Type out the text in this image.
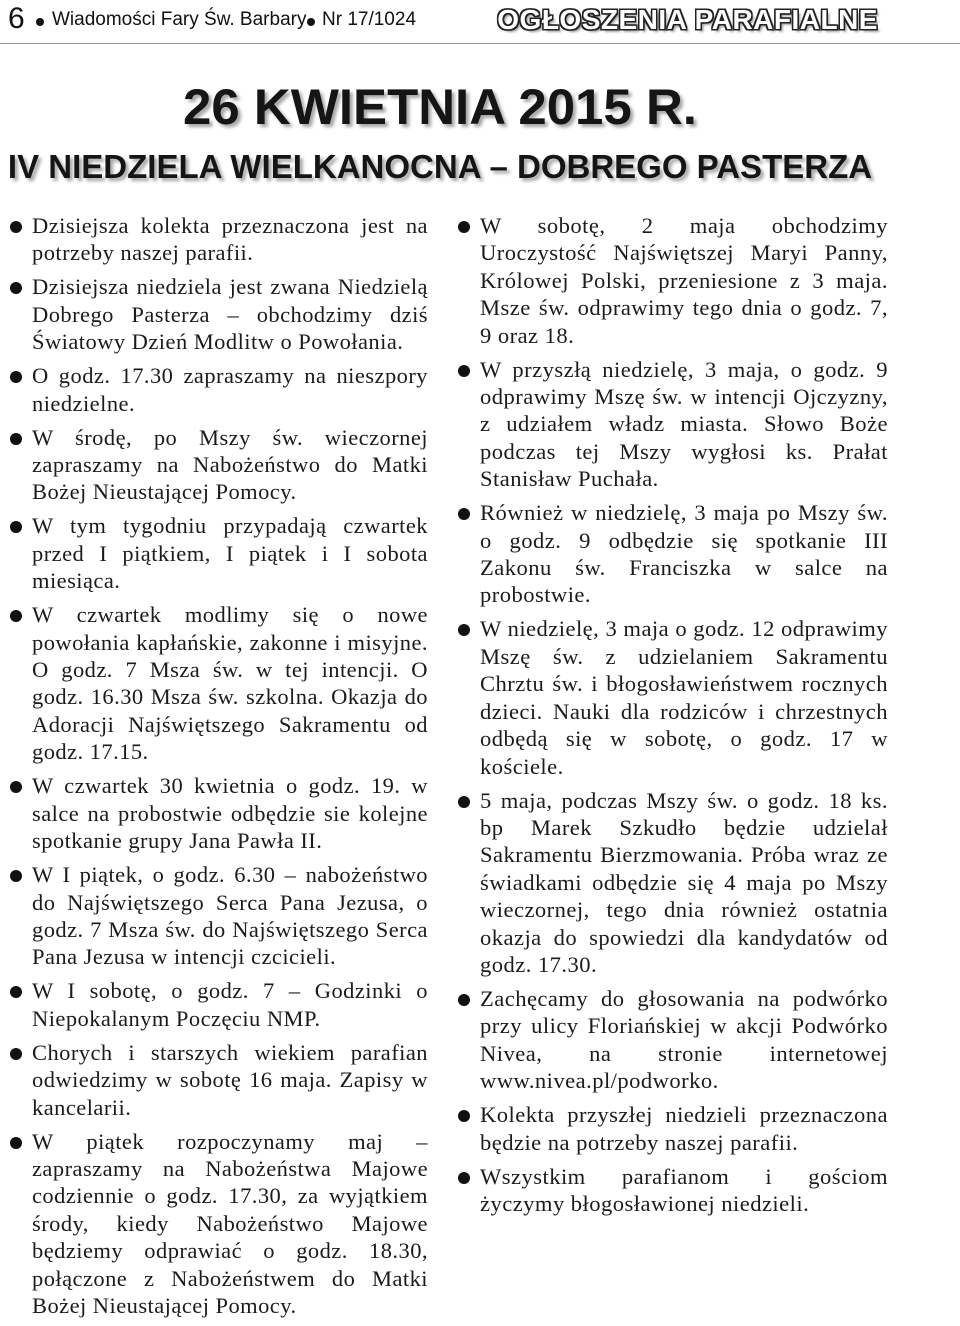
6 Wiadomości Fary Św. Barbary Nr 17/1024	OGŁOSZENIA PARAFIALNE
26 KWIETNIA 2015 R.
IV NIEDZIELA WIELKANOCNA – DOBREGO PASTERZA
Dzisiejsza kolekta przeznaczona jest na potrzeby naszej parafii.
Dzisiejsza niedziela jest zwana Niedzielą Dobrego Pasterza – obchodzimy dziś Światowy Dzień Modlitw o Powołania.
O godz. 17.30 zapraszamy na nieszpory niedzielne.
W środę, po Mszy św. wieczornej zapraszamy na Nabożeństwo do Matki Bożej Nieustającej Pomocy.
W tym tygodniu przypadają czwartek przed I piątkiem, I piątek i I sobota miesiąca.
W czwartek modlimy się o nowe powołania kapłańskie, zakonne i misyjne. O godz. 7 Msza św. w tej intencji. O godz. 16.30 Msza św. szkolna. Okazja do Adoracji Najświętszego Sakramentu od godz. 17.15.
W czwartek 30 kwietnia o godz. 19. w salce na probostwie odbędzie sie kolejne spotkanie grupy Jana Pawła II.
W I piątek, o godz. 6.30 – nabożeństwo do Najświętszego Serca Pana Jezusa, o godz. 7 Msza św. do Najświętszego Serca Pana Jezusa w intencji czcicieli.
W I sobotę, o godz. 7 – Godzinki o Niepokalanym Poczęciu NMP.
Chorych i starszych wiekiem parafian odwiedzimy w sobotę 16 maja. Zapisy w kancelarii.
W piątek rozpoczynamy maj – zapraszamy na Nabożeństwa Majowe codziennie o godz. 17.30, za wyjątkiem środy, kiedy Nabożeństwo Majowe będziemy odprawiać o godz. 18.30, połączone z Nabożeństwem do Matki Bożej Nieustającej Pomocy.
W sobotę, 2 maja obchodzimy Uroczystość Najświętszej Maryi Panny, Królowej Polski, przeniesione z 3 maja. Msze św. odprawimy tego dnia o godz. 7, 9 oraz 18.
W przyszłą niedzielę, 3 maja, o godz. 9 odprawimy Mszę św. w intencji Ojczyzny, z udziałem władz miasta. Słowo Boże podczas tej Mszy wygłosi ks. Prałat Stanisław Puchała.
Również w niedzielę, 3 maja po Mszy św. o godz. 9 odbędzie się spotkanie III Zakonu św. Franciszka w salce na probostwie.
W niedzielę, 3 maja o godz. 12 odprawimy Mszę św. z udzielaniem Sakramentu Chrztu św. i błogosławieństwem rocznych dzieci. Nauki dla rodziców i chrzestnych odbędą się w sobotę, o godz. 17 w kościele.
5 maja, podczas Mszy św. o godz. 18 ks. bp Marek Szkudło będzie udzielał Sakramentu Bierzmowania. Próba wraz ze świadkami odbędzie się 4 maja po Mszy wieczornej, tego dnia również ostatnia okazja do spowiedzi dla kandydatów od godz. 17.30.
Zachęcamy do głosowania na podwórko przy ulicy Floriańskiej w akcji Podwórko Nivea, na stronie internetowej www.nivea.pl/podworko.
Kolekta przyszłej niedzieli przeznaczona będzie na potrzeby naszej parafii.
Wszystkim parafianom i gościom życzymy błogosławionej niedzieli.
